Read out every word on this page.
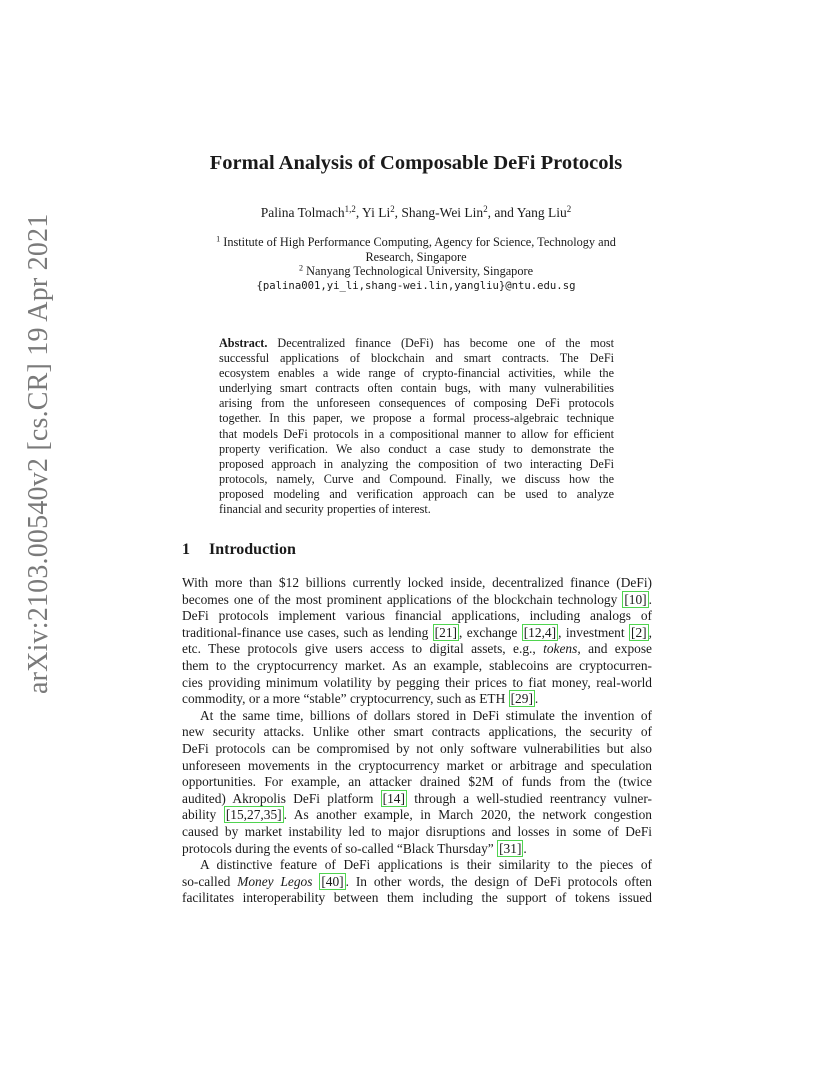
arXiv:2103.00540v2 [cs.CR] 19 Apr 2021
Formal Analysis of Composable DeFi Protocols
Palina Tolmach$^{1,2}$, Yi Li$^2$, Shang-Wei Lin$^2$, and Yang Liu$^2$
$^1$ Institute of High Performance Computing, Agency for Science, Technology and
Research, Singapore
$^2$ Nanyang Technological University, Singapore
{palina001,yi_li,shang-wei.lin,yangliu}@ntu.edu.sg
Abstract. Decentralized finance (DeFi) has become one of the most
successful applications of blockchain and smart contracts. The DeFi
ecosystem enables a wide range of crypto-financial activities, while the
underlying smart contracts often contain bugs, with many vulnerabilities
arising from the unforeseen consequences of composing DeFi protocols
together. In this paper, we propose a formal process-algebraic technique
that models DeFi protocols in a compositional manner to allow for efficient
property verification. We also conduct a case study to demonstrate the
proposed approach in analyzing the composition of two interacting DeFi
protocols, namely, Curve and Compound. Finally, we discuss how the
proposed modeling and verification approach can be used to analyze
financial and security properties of interest.
1 Introduction
With more than $12 billions currently locked inside, decentralized finance (DeFi)
becomes one of the most prominent applications of the blockchain technology [10] .
DeFi protocols implement various financial applications, including analogs of
traditional-finance use cases, such as lending [21] , exchange [12,4] , investment [2] ,
etc. These protocols give users access to digital assets, e.g., tokens, and expose
them to the cryptocurrency market. As an example, stablecoins are cryptocurren-
cies providing minimum volatility by pegging their prices to fiat money, real-world
commodity, or a more “stable” cryptocurrency, such as ETH [29] .
At the same time, billions of dollars stored in DeFi stimulate the invention of
new security attacks. Unlike other smart contracts applications, the security of
DeFi protocols can be compromised by not only software vulnerabilities but also
unforeseen movements in the cryptocurrency market or arbitrage and speculation
opportunities. For example, an attacker drained $2M of funds from the (twice
audited) Akropolis DeFi platform [14] through a well-studied reentrancy vulner-
ability [15,27,35] . As another example, in March 2020, the network congestion
caused by market instability led to major disruptions and losses in some of DeFi
protocols during the events of so-called “Black Thursday” [31] .
A distinctive feature of DeFi applications is their similarity to the pieces of
so-called Money Legos [40] . In other words, the design of DeFi protocols often
facilitates interoperability between them including the support of tokens issued
